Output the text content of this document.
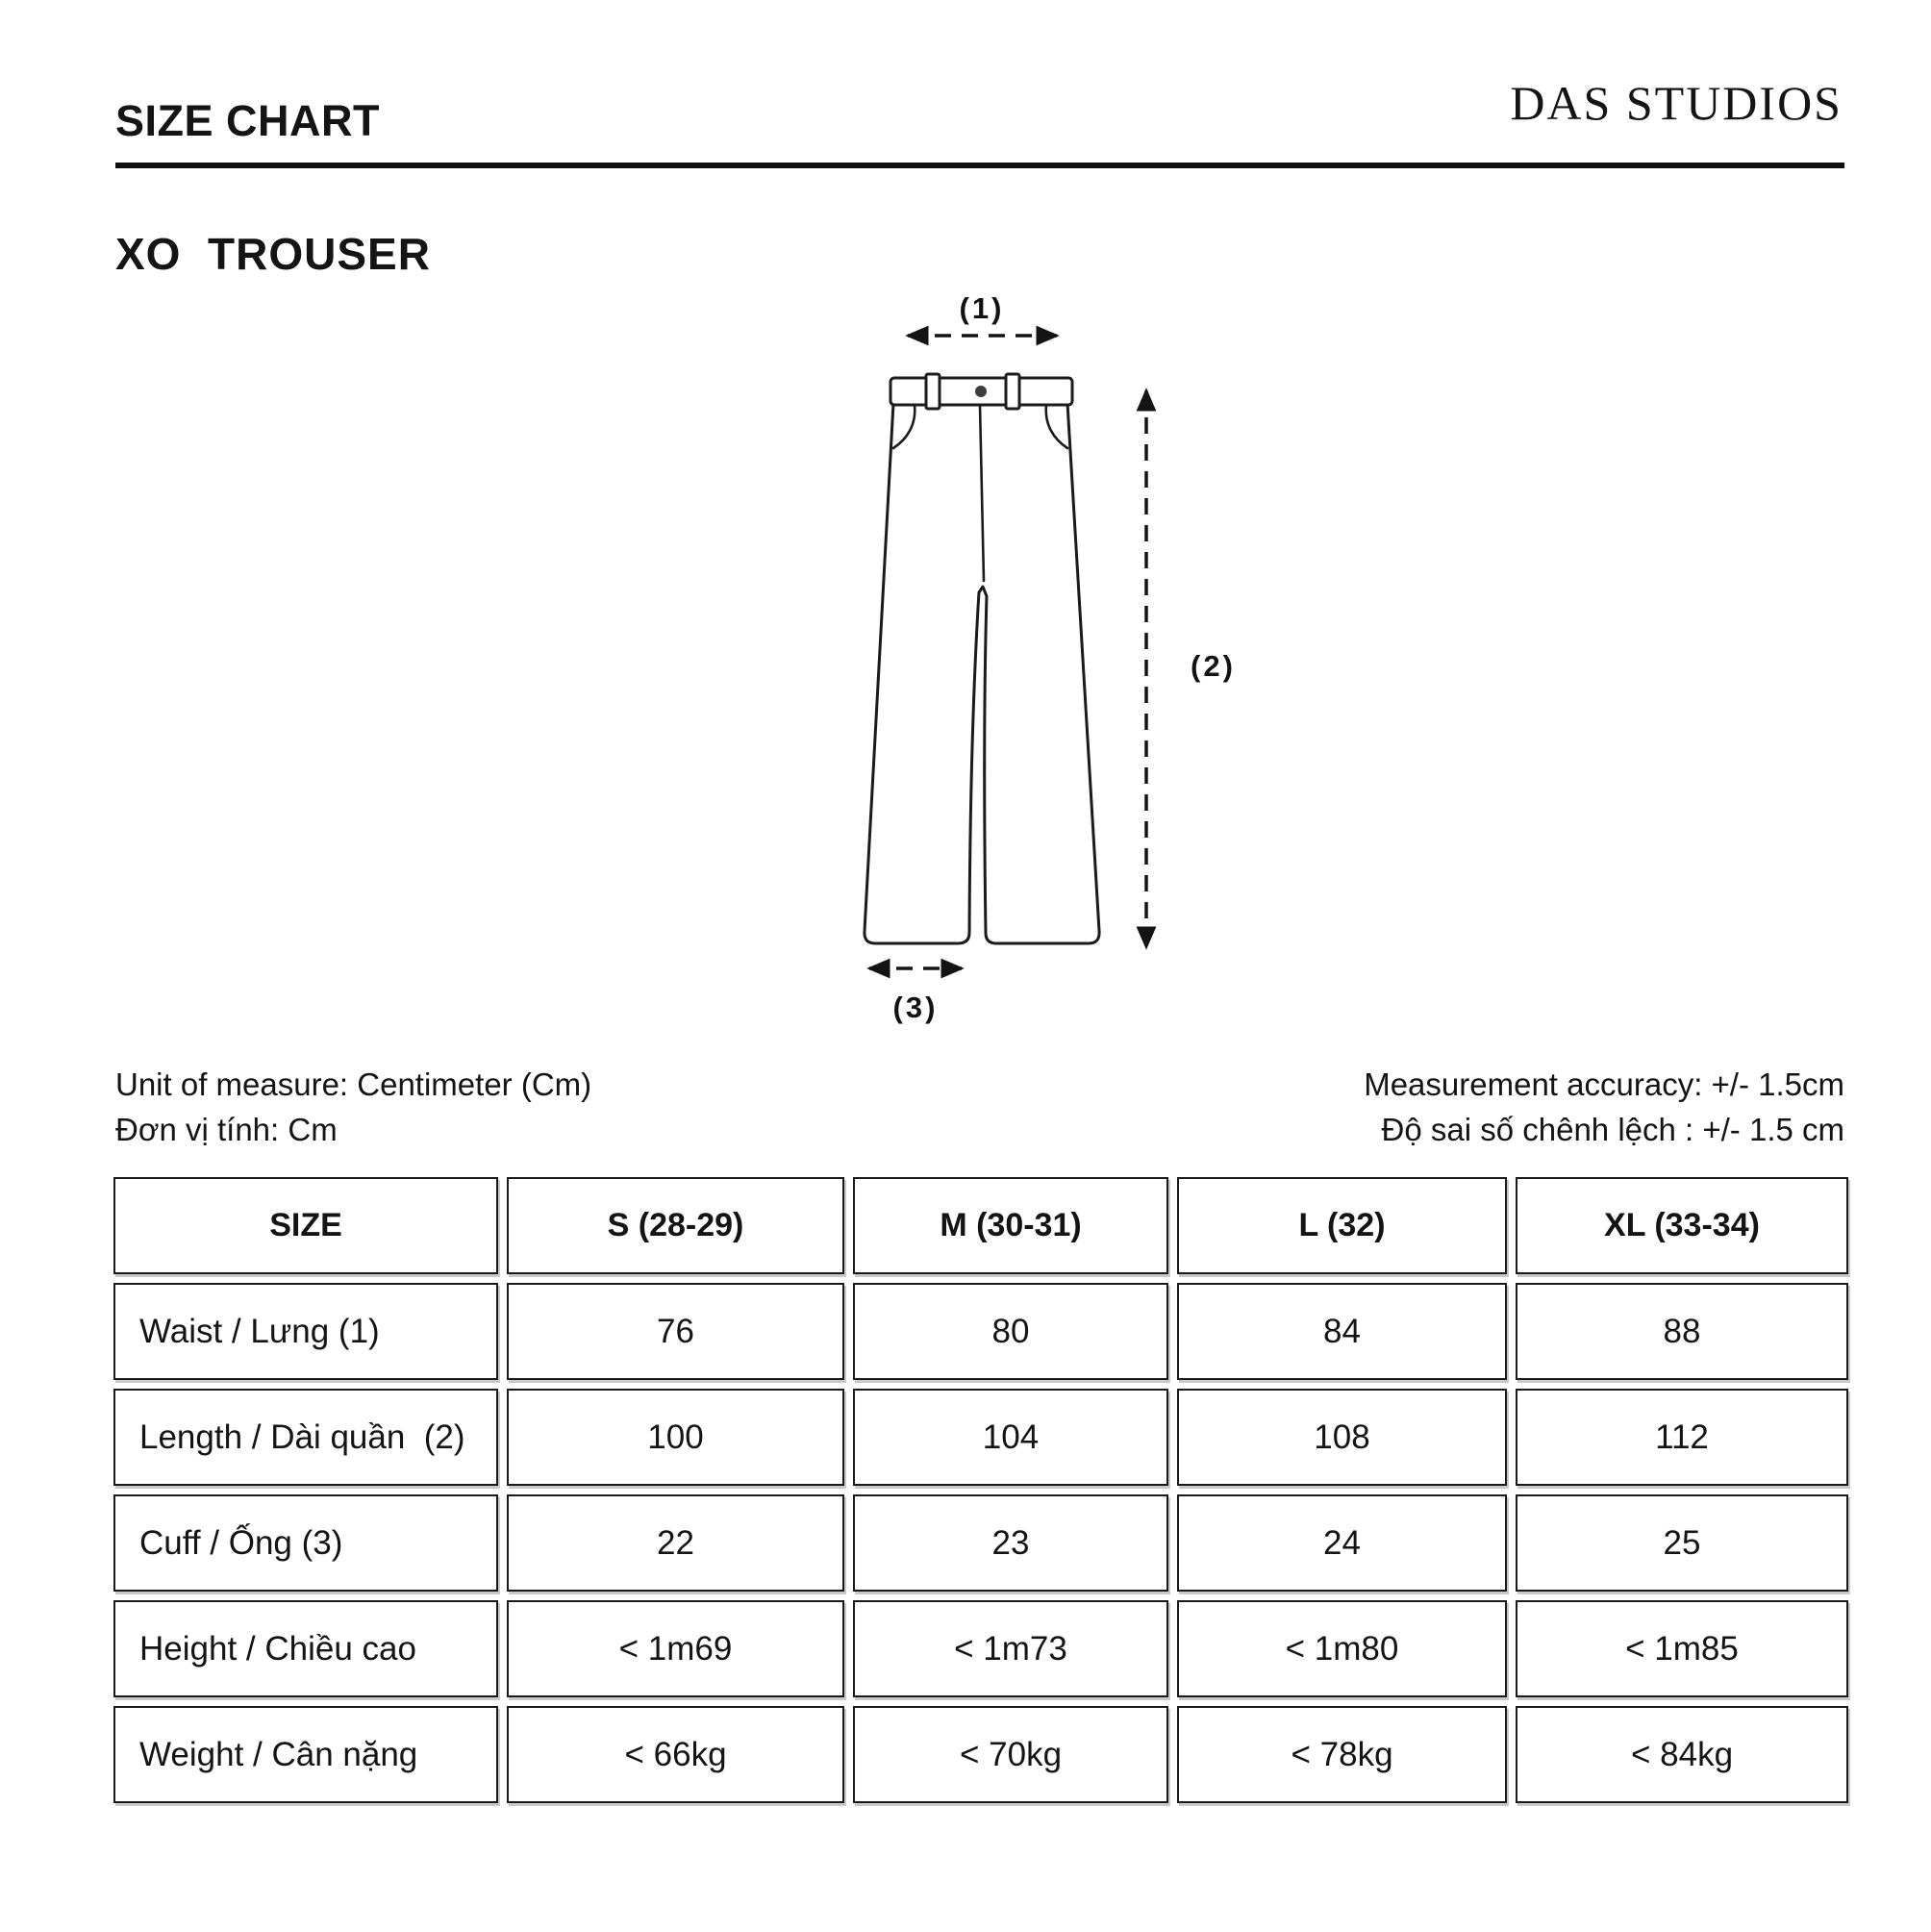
SIZE CHART	DAS STUDIOS
XO  TROUSER
(1)
(2)
(3)
Unit of measure: Centimeter (Cm)
Đơn vị tính: Cm
Measurement accuracy: +/- 1.5cm
Độ sai số chênh lệch : +/- 1.5 cm
SIZE	S (28-29)	M (30-31)	L (32)	XL (33-34)
Waist / Lưng (1)	76	80	84	88
Length / Dài quần  (2)	100	104	108	112
Cuff / Ống (3)	22	23	24	25
Height / Chiều cao	< 1m69	< 1m73	< 1m80	< 1m85
Weight / Cân nặng	< 66kg	< 70kg	< 78kg	< 84kg
